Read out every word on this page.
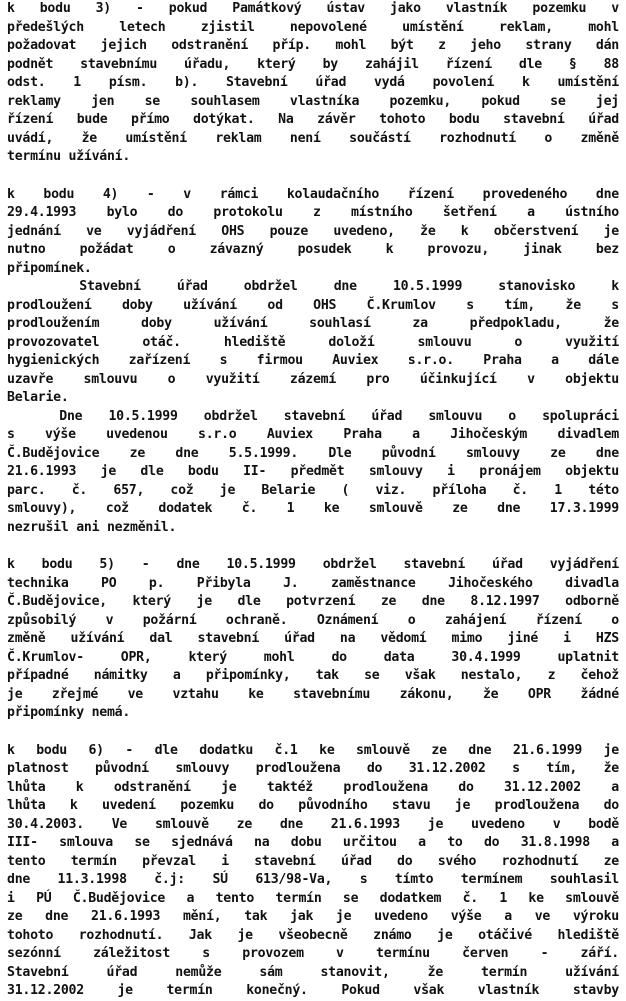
k bodu 3) - pokud Památkový ústav jako vlastník pozemku v
předešlých letech zjistil nepovolené umístění reklam, mohl
požadovat jejich odstranění příp. mohl být z jeho strany dán
podnět stavebnímu úřadu, který by zahájil řízení dle § 88
odst. 1 písm. b). Stavební úřad vydá povolení k umístění
reklamy jen se souhlasem vlastníka pozemku, pokud se jej
řízení bude přímo dotýkat. Na závěr tohoto bodu stavební úřad
uvádí, že umístění reklam není součástí rozhodnutí o změně
termínu užívání.
k bodu 4) - v rámci kolaudačního řízení provedeného dne
29.4.1993 bylo do protokolu z místního šetření a ústního
jednání ve vyjádření OHS pouze uvedeno, že k občerstvení je
nutno požádat o závazný posudek k provozu, jinak bez
připomínek.
Stavební úřad obdržel dne 10.5.1999 stanovisko k
prodloužení doby užívání od OHS Č.Krumlov s tím, že s
prodloužením doby užívání souhlasí za předpokladu, že
provozovatel otáč. hlediště doloží smlouvu o využití
hygienických zařízení s firmou Auviex s.r.o. Praha a dále
uzavře smlouvu o využití zázemí pro účinkující v objektu
Belarie.
Dne 10.5.1999 obdržel stavební úřad smlouvu o spolupráci
s výše uvedenou s.r.o Auviex Praha a Jihočeským divadlem
Č.Budějovice ze dne 5.5.1999. Dle původní smlouvy ze dne
21.6.1993 je dle bodu II- předmět smlouvy i pronájem objektu
parc. č. 657, což je Belarie ( viz. příloha č. 1 této
smlouvy), což dodatek č. 1 ke smlouvě ze dne 17.3.1999
nezrušil ani nezměnil.
k bodu 5) - dne 10.5.1999 obdržel stavební úřad vyjádření
technika PO p. Přibyla J. zaměstnance Jihočeského divadla
Č.Budějovice, který je dle potvrzení ze dne 8.12.1997 odborně
způsobilý v požární ochraně. Oznámení o zahájení řízení o
změně užívání dal stavební úřad na vědomí mimo jiné i HZS
Č.Krumlov- OPR, který mohl do data 30.4.1999 uplatnit
případné námitky a připomínky, tak se však nestalo, z čehož
je zřejmé ve vztahu ke stavebnímu zákonu, že OPR žádné
připomínky nemá.
k bodu 6) - dle dodatku č.1 ke smlouvě ze dne 21.6.1999 je
platnost původní smlouvy prodloužena do 31.12.2002 s tím, že
lhůta k odstranění je taktéž prodloužena do 31.12.2002 a
lhůta k uvedení pozemku do původního stavu je prodloužena do
30.4.2003. Ve smlouvě ze dne 21.6.1993 je uvedeno v bodě
III- smlouva se sjednává na dobu určitou a to do 31.8.1998 a
tento termín převzal i stavební úřad do svého rozhodnutí ze
dne 11.3.1998 č.j: SÚ 613/98-Va, s tímto termínem souhlasil
i PÚ Č.Budějovice a tento termín se dodatkem č. 1 ke smlouvě
ze dne 21.6.1993 mění, tak jak je uvedeno výše a ve výroku
tohoto rozhodnutí. Jak je všeobecně známo je otáčivé hlediště
sezónní záležitost s provozem v termínu červen - září.
Stavební úřad nemůže sám stanovit, že termín užívání
31.12.2002 je termín konečný. Pokud však vlastník stavby
